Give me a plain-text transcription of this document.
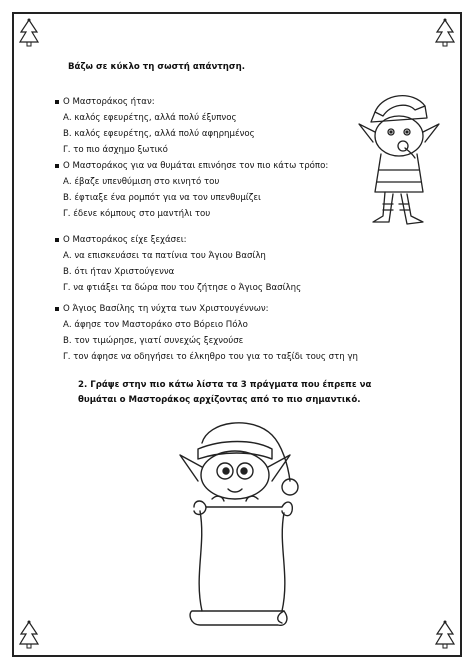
Βάζω σε κύκλο τη σωστή απάντηση.
Ο Μαστοράκος ήταν:
Α. καλός εφευρέτης, αλλά πολύ έξυπνος
Β. καλός εφευρέτης, αλλά πολύ αφηρημένος
Γ. το πιο άσχημο ξωτικό
Ο Μαστοράκος για να θυμάται επινόησε τον πιο κάτω τρόπο:
Α. έβαζε υπενθύμιση στο κινητό του
Β. έφτιαξε ένα ρομπότ για να τον υπενθυμίζει
Γ. έδενε κόμπους στο μαντήλι του
Ο Μαστοράκος είχε ξεχάσει:
Α. να επισκευάσει τα πατίνια του Άγιου Βασίλη
Β. ότι ήταν Χριστούγεννα
Γ. να φτιάξει τα δώρα που του ζήτησε ο Άγιος Βασίλης
Ο Άγιος Βασίλης τη νύχτα των Χριστουγέννων:
Α. άφησε τον Μαστοράκο στο Βόρειο Πόλο
Β. τον τιμώρησε, γιατί συνεχώς ξεχνούσε
Γ. τον άφησε να οδηγήσει το έλκηθρο του για το ταξίδι τους στη γη
2. Γράψε στην πιο κάτω λίστα τα 3 πράγματα που έπρεπε να θυμάται ο Μαστοράκος αρχίζοντας από το πιο σημαντικό.
